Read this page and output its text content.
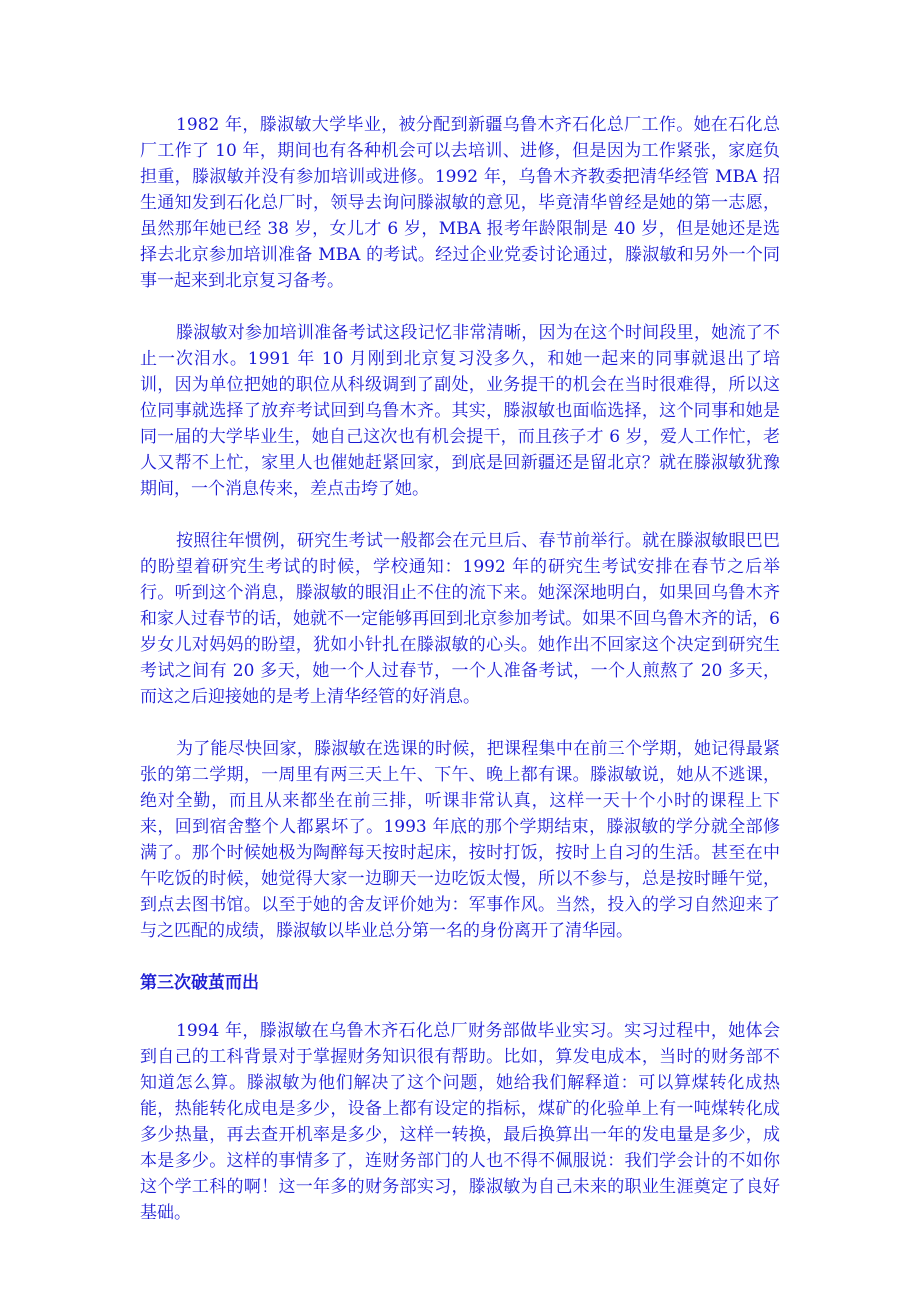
1982 年，滕淑敏大学毕业，被分配到新疆乌鲁木齐石化总厂工作。她在石化总厂工作了 10 年，期间也有各种机会可以去培训、进修，但是因为工作紧张，家庭负担重，滕淑敏并没有参加培训或进修。1992 年，乌鲁木齐教委把清华经管 MBA 招生通知发到石化总厂时，领导去询问滕淑敏的意见，毕竟清华曾经是她的第一志愿，虽然那年她已经 38 岁，女儿才 6 岁，MBA 报考年龄限制是 40 岁，但是她还是选择去北京参加培训准备 MBA 的考试。经过企业党委讨论通过，滕淑敏和另外一个同事一起来到北京复习备考。

滕淑敏对参加培训准备考试这段记忆非常清晰，因为在这个时间段里，她流了不止一次泪水。1991 年 10 月刚到北京复习没多久，和她一起来的同事就退出了培训，因为单位把她的职位从科级调到了副处，业务提干的机会在当时很难得，所以这位同事就选择了放弃考试回到乌鲁木齐。其实，滕淑敏也面临选择，这个同事和她是同一届的大学毕业生，她自己这次也有机会提干，而且孩子才 6 岁，爱人工作忙，老人又帮不上忙，家里人也催她赶紧回家，到底是回新疆还是留北京？就在滕淑敏犹豫期间，一个消息传来，差点击垮了她。

按照往年惯例，研究生考试一般都会在元旦后、春节前举行。就在滕淑敏眼巴巴的盼望着研究生考试的时候，学校通知：1992 年的研究生考试安排在春节之后举行。听到这个消息，滕淑敏的眼泪止不住的流下来。她深深地明白，如果回乌鲁木齐和家人过春节的话，她就不一定能够再回到北京参加考试。如果不回乌鲁木齐的话，6 岁女儿对妈妈的盼望，犹如小针扎在滕淑敏的心头。她作出不回家这个决定到研究生考试之间有 20 多天，她一个人过春节，一个人准备考试，一个人煎熬了 20 多天，而这之后迎接她的是考上清华经管的好消息。

为了能尽快回家，滕淑敏在选课的时候，把课程集中在前三个学期，她记得最紧张的第二学期，一周里有两三天上午、下午、晚上都有课。滕淑敏说，她从不逃课，绝对全勤，而且从来都坐在前三排，听课非常认真，这样一天十个小时的课程上下来，回到宿舍整个人都累坏了。1993 年底的那个学期结束，滕淑敏的学分就全部修满了。那个时候她极为陶醉每天按时起床，按时打饭，按时上自习的生活。甚至在中午吃饭的时候，她觉得大家一边聊天一边吃饭太慢，所以不参与，总是按时睡午觉，到点去图书馆。以至于她的舍友评价她为：军事作风。当然，投入的学习自然迎来了与之匹配的成绩，滕淑敏以毕业总分第一名的身份离开了清华园。

第三次破茧而出

1994 年，滕淑敏在乌鲁木齐石化总厂财务部做毕业实习。实习过程中，她体会到自己的工科背景对于掌握财务知识很有帮助。比如，算发电成本，当时的财务部不知道怎么算。滕淑敏为他们解决了这个问题，她给我们解释道：可以算煤转化成热能，热能转化成电是多少，设备上都有设定的指标，煤矿的化验单上有一吨煤转化成多少热量，再去查开机率是多少，这样一转换，最后换算出一年的发电量是多少，成本是多少。这样的事情多了，连财务部门的人也不得不佩服说：我们学会计的不如你这个学工科的啊！这一年多的财务部实习，滕淑敏为自己未来的职业生涯奠定了良好基础。
